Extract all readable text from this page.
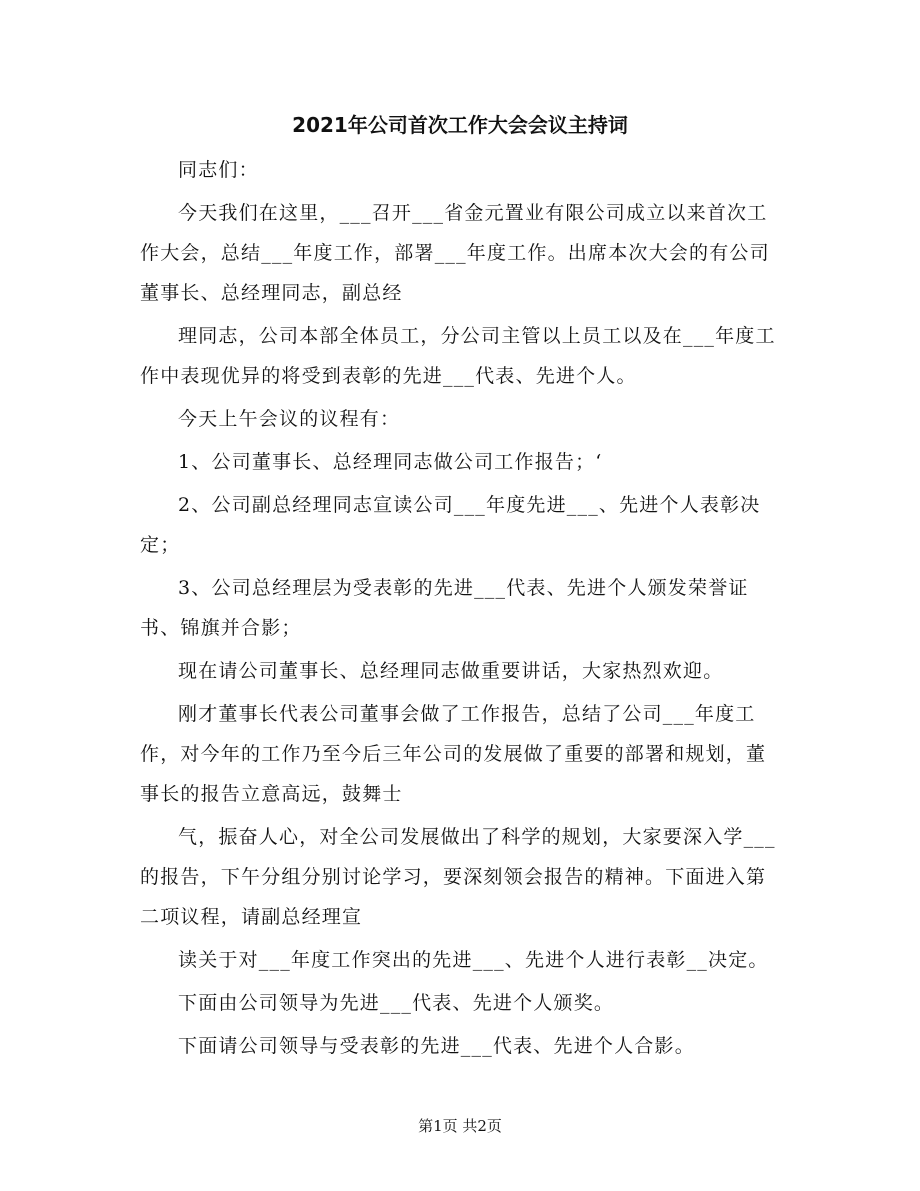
2021年公司首次工作大会会议主持词

同志们：

今天我们在这里，___召开___省金元置业有限公司成立以来首次工作大会，总结___年度工作，部署___年度工作。出席本次大会的有公司董事长、总经理同志，副总经

理同志，公司本部全体员工，分公司主管以上员工以及在___年度工作中表现优异的将受到表彰的先进___代表、先进个人。

今天上午会议的议程有：

1、公司董事长、总经理同志做公司工作报告；‘

2、公司副总经理同志宣读公司___年度先进___、先进个人表彰决定；

3、公司总经理层为受表彰的先进___代表、先进个人颁发荣誉证书、锦旗并合影；

现在请公司董事长、总经理同志做重要讲话，大家热烈欢迎。

刚才董事长代表公司董事会做了工作报告，总结了公司___年度工作，对今年的工作乃至今后三年公司的发展做了重要的部署和规划，董事长的报告立意高远，鼓舞士

气，振奋人心，对全公司发展做出了科学的规划，大家要深入学___的报告，下午分组分别讨论学习，要深刻领会报告的精神。下面进入第二项议程，请副总经理宣

读关于对___年度工作突出的先进___、先进个人进行表彰__决定。

下面由公司领导为先进___代表、先进个人颁奖。

下面请公司领导与受表彰的先进___代表、先进个人合影。

第1页 共2页
